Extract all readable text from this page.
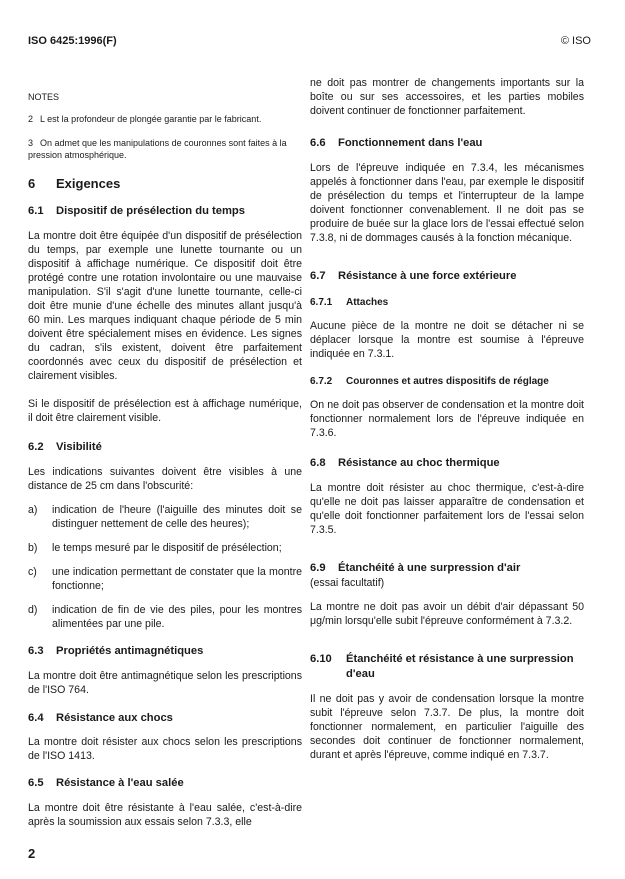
ISO 6425:1996(F)	© ISO
NOTES
2 L est la profondeur de plongée garantie par le fabricant.
3 On admet que les manipulations de couronnes sont faites à la pression atmosphérique.
6 Exigences
6.1 Dispositif de présélection du temps

La montre doit être équipée d'un dispositif de présélection du temps, par exemple une lunette tournante ou un dispositif à affichage numérique. Ce dispositif doit être protégé contre une rotation involontaire ou une mauvaise manipulation. S'il s'agit d'une lunette tournante, celle-ci doit être munie d'une échelle des minutes allant jusqu'à 60 min. Les marques indiquant chaque période de 5 min doivent être spécialement mises en évidence. Les signes du cadran, s'ils existent, doivent être parfaitement coordonnés avec ceux du dispositif de présélection et clairement visibles.

Si le dispositif de présélection est à affichage numérique, il doit être clairement visible.

6.2 Visibilité

Les indications suivantes doivent être visibles à une distance de 25 cm dans l'obscurité:

a)	indication de l'heure (l'aiguille des minutes doit se distinguer nettement de celle des heures);
b)	le temps mesuré par le dispositif de présélection;
c)	une indication permettant de constater que la montre fonctionne;
d)	indication de fin de vie des piles, pour les montres alimentées par une pile.
6.3 Propriétés antimagnétiques

La montre doit être antimagnétique selon les prescriptions de l'ISO 764.

6.4 Résistance aux chocs

La montre doit résister aux chocs selon les prescriptions de l'ISO 1413.

6.5 Résistance à l'eau salée

La montre doit être résistante à l'eau salée, c'est-à-dire après la soumission aux essais selon 7.3.3, elle

ne doit pas montrer de changements importants sur la boîte ou sur ses accessoires, et les parties mobiles doivent continuer de fonctionner parfaitement.

6.6 Fonctionnement dans l'eau

Lors de l'épreuve indiquée en 7.3.4, les mécanismes appelés à fonctionner dans l'eau, par exemple le dispositif de présélection du temps et l'interrupteur de la lampe doivent fonctionner convenablement. Il ne doit pas se produire de buée sur la glace lors de l'essai effectué selon 7.3.8, ni de dommages causés à la fonction mécanique.

6.7 Résistance à une force extérieure
6.7.1 Attaches

Aucune pièce de la montre ne doit se détacher ni se déplacer lorsque la montre est soumise à l'épreuve indiquée en 7.3.1.

6.7.2 Couronnes et autres dispositifs de réglage

On ne doit pas observer de condensation et la montre doit fonctionner normalement lors de l'épreuve indiquée en 7.3.6.

6.8 Résistance au choc thermique

La montre doit résister au choc thermique, c'est-à-dire qu'elle ne doit pas laisser apparaître de condensation et qu'elle doit fonctionner parfaitement lors de l'essai selon 7.3.5.

6.9 Étanchéité à une surpression d'air
(essai facultatif)

La montre ne doit pas avoir un débit d'air dépassant 50 μg/min lorsqu'elle subit l'épreuve conformément à 7.3.2.

6.10	Étanchéité et résistance à une surpression d'eau

Il ne doit pas y avoir de condensation lorsque la montre subit l'épreuve selon 7.3.7. De plus, la montre doit fonctionner normalement, en particulier l'aiguille des secondes doit continuer de fonctionner normalement, durant et après l'épreuve, comme indiqué en 7.3.7.

2
